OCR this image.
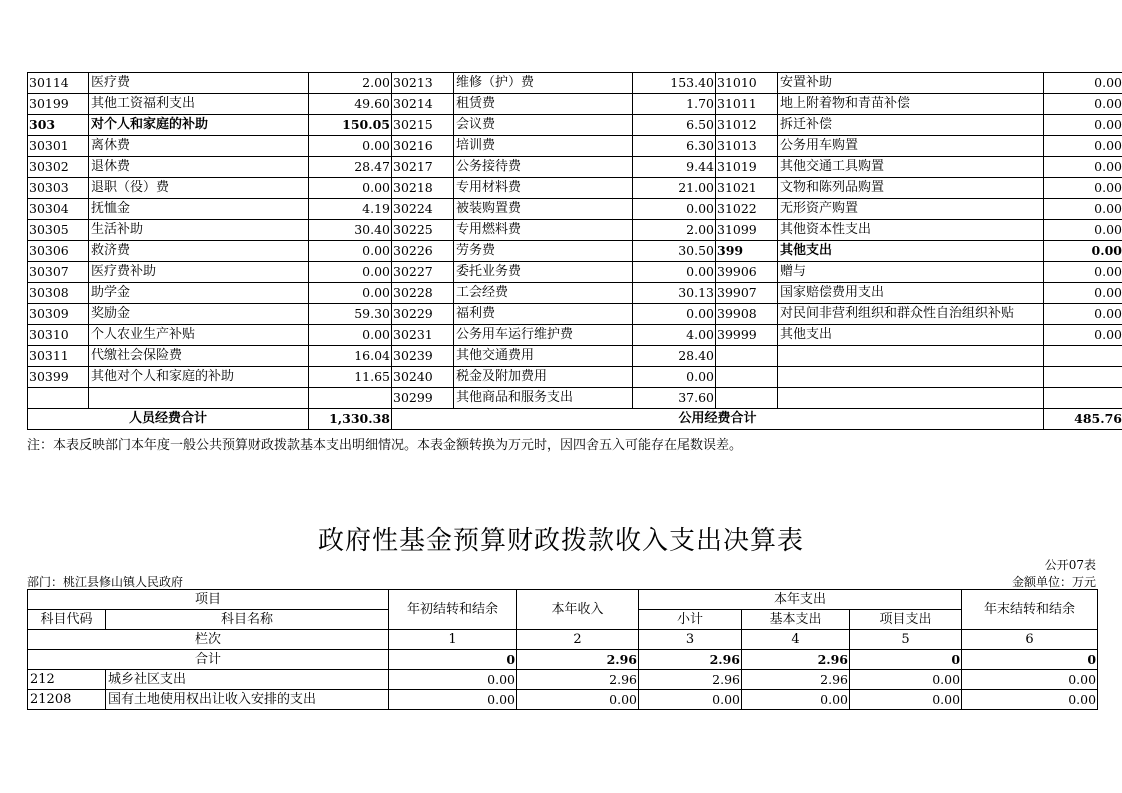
30114	医疗费	2.00	30213	维修（护）费	153.40	31010	安置补助	0.00
30199	其他工资福利支出	49.60	30214	租赁费	1.70	31011	地上附着物和青苗补偿	0.00
303	对个人和家庭的补助	150.05	30215	会议费	6.50	31012	拆迁补偿	0.00
30301	离休费	0.00	30216	培训费	6.30	31013	公务用车购置	0.00
30302	退休费	28.47	30217	公务接待费	9.44	31019	其他交通工具购置	0.00
30303	退职（役）费	0.00	30218	专用材料费	21.00	31021	文物和陈列品购置	0.00
30304	抚恤金	4.19	30224	被装购置费	0.00	31022	无形资产购置	0.00
30305	生活补助	30.40	30225	专用燃料费	2.00	31099	其他资本性支出	0.00
30306	救济费	0.00	30226	劳务费	30.50	399	其他支出	0.00
30307	医疗费补助	0.00	30227	委托业务费	0.00	39906	赠与	0.00
30308	助学金	0.00	30228	工会经费	30.13	39907	国家赔偿费用支出	0.00
30309	奖励金	59.30	30229	福利费	0.00	39908	对民间非营利组织和群众性自治组织补贴	0.00
30310	个人农业生产补贴	0.00	30231	公务用车运行维护费	4.00	39999	其他支出	0.00
30311	代缴社会保险费	16.04	30239	其他交通费用	28.40			
30399	其他对个人和家庭的补助	11.65	30240	税金及附加费用	0.00			
			30299	其他商品和服务支出	37.60			
人员经费合计		1,330.38	公用经费合计					485.76
注：本表反映部门本年度一般公共预算财政拨款基本支出明细情况。本表金额转换为万元时，因四舍五入可能存在尾数误差。
政府性基金预算财政拨款收入支出决算表
公开07表
部门：桃江县修山镇人民政府	金额单位：万元
项目		年初结转和结余	本年收入	本年支出			年末结转和结余
科目代码	科目名称			小计	基本支出	项目支出	
栏次		1	2	3	4	5	6
合计		0	2.96	2.96	2.96	0	0
212	城乡社区支出	0.00	2.96	2.96	2.96	0.00	0.00
21208	国有土地使用权出让收入安排的支出	0.00	0.00	0.00	0.00	0.00	0.00
